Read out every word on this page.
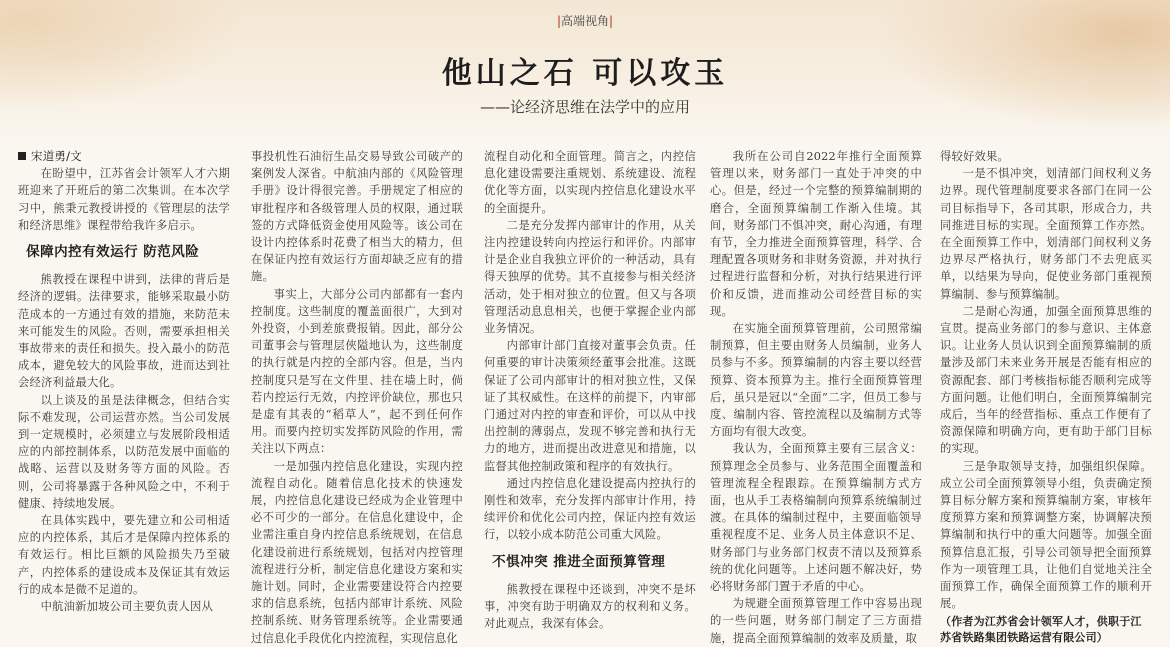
|高端视角|
他山之石 可以攻玉
——论经济思维在法学中的应用

宋道勇/文

在盼望中，江苏省会计领军人才六期班迎来了开班后的第二次集训。在本次学习中，熊秉元教授讲授的《管理层的法学和经济思维》课程带给我许多启示。

保障内控有效运行 防范风险

熊教授在课程中讲到，法律的背后是经济的逻辑。法律要求，能够采取最小防范成本的一方通过有效的措施，来防范未来可能发生的风险。否则，需要承担相关事故带来的责任和损失。投入最小的防范成本，避免较大的风险事故，进而达到社会经济利益最大化。

以上谈及的虽是法律概念，但结合实际不难发现，公司运营亦然。当公司发展到一定规模时，必须建立与发展阶段相适应的内部控制体系，以防范发展中面临的战略、运营以及财务等方面的风险。否则，公司将暴露于各种风险之中，不利于健康、持续地发展。

在具体实践中，要先建立和公司相适应的内控体系，其后才是保障内控体系的有效运行。相比巨额的风险损失乃至破产，内控体系的建设成本及保证其有效运行的成本是微不足道的。

中航油新加坡公司主要负责人因从

事投机性石油衍生品交易导致公司破产的案例发人深省。中航油内部的《风险管理手册》设计得很完善。手册规定了相应的审批程序和各级管理人员的权限，通过联签的方式降低资金使用风险等。该公司在设计内控体系时花费了相当大的精力，但在保证内控有效运行方面却缺乏应有的措施。

事实上，大部分公司内部都有一套内控制度。这些制度的覆盖面很广，大到对外投资，小到差旅费报销。因此，部分公司董事会与管理层俠隘地认为，这些制度的执行就是内控的全部内容。但是，当内控制度只是写在文件里、挂在墙上时，倘若内控运行无效，内控评价缺位，那也只是虚有其表的“稻草人”，起不到任何作用。而要内控切实发挥防风险的作用，需关注以下两点：

一是加强内控信息化建设，实现内控流程自动化。随着信息化技术的快速发展，内控信息化建设已经成为企业管理中必不可少的一部分。在信息化建设中，企业需注重自身内控信息系统规划，在信息化建设前进行系统规划，包括对内控管理流程进行分析，制定信息化建设方案和实施计划。同时，企业需要建设符合内控要求的信息系统，包括内部审计系统、风险控制系统、财务管理系统等。企业需要通过信息化手段优化内控流程，实现信息化

流程自动化和全面管理。简言之，内控信息化建设需要注重规划、系统建设、流程优化等方面，以实现内控信息化建设水平的全面提升。

二是充分发挥内部审计的作用，从关注内控建设转向内控运行和评价。内部审计是企业自我独立评价的一种活动，具有得天独厚的优势。其不直接参与相关经济活动，处于相对独立的位置。但又与各项管理活动息息相关，也便于掌握企业内部业务情况。

内部审计部门直接对董事会负责。任何重要的审计决策须经董事会批准。这既保证了公司内部审计的相对独立性，又保证了其权威性。在这样的前提下，内审部门通过对内控的审查和评价，可以从中找出控制的薄弱点，发现不够完善和执行无力的地方，进而提出改进意见和措施，以监督其他控制政策和程序的有效执行。

通过内控信息化建设提高内控执行的刚性和效率，充分发挥内部审计作用，持续评价和优化公司内控，保证内控有效运行，以较小成本防范公司重大风险。

不惧冲突 推进全面预算管理

熊教授在课程中还谈到，冲突不是坏事，冲突有助于明确双方的权利和义务。对此观点，我深有体会。

我所在公司自2022年推行全面预算管理以来，财务部门一直处于冲突的中心。但是，经过一个完整的预算编制期的磨合，全面预算编制工作渐入佳境。其间，财务部门不惧冲突，耐心沟通，有理有节，全力推进全面预算管理，科学、合理配置各项财务和非财务资源，并对执行过程进行监督和分析，对执行结果进行评价和反馈，进而推动公司经营目标的实现。

在实施全面预算管理前，公司照常编制预算，但主要由财务人员编制，业务人员参与不多。预算编制的内容主要以经营预算、资本预算为主。推行全面预算管理后，虽只是冠以“全面”二字，但员工参与度、编制内容、管控流程以及编制方式等方面均有很大改变。

我认为，全面预算主要有三层含义：预算理念全员参与、业务范围全面覆盖和管理流程全程跟踪。在预算编制方式方面，也从手工表格编制向预算系统编制过渡。在具体的编制过程中，主要面临领导重视程度不足、业务人员主体意识不足、财务部门与业务部门权责不清以及预算系统的优化问题等。上述问题不解决好，势必将财务部门置于矛盾的中心。

为规避全面预算管理工作中容易出现的一些问题，财务部门制定了三方面措施，提高全面预算编制的效率及质量，取

得较好效果。

一是不惧冲突，划清部门间权利义务边界。现代管理制度要求各部门在同一公司目标指导下，各司其职，形成合力，共同推进目标的实现。全面预算工作亦然。在全面预算工作中，划清部门间权利义务边界尽严格执行，财务部门不去兜底买单，以结果为导向，促使业务部门重视预算编制、参与预算编制。

二是耐心沟通，加强全面预算思维的宣贯。提高业务部门的参与意识、主体意识。让业务人员认识到全面预算编制的质量涉及部门未来业务开展是否能有相应的资源配套、部门考核指标能否顺利完成等方面问题。让他们明白，全面预算编制完成后，当年的经营指标、重点工作便有了资源保障和明确方向，更有助于部门目标的实现。

三是争取领导支持，加强组织保障。成立公司全面预算领导小组，负责确定预算目标分解方案和预算编制方案，审核年度预算方案和预算调整方案，协调解决预算编制和执行中的重大问题等。加强全面预算信息汇报，引导公司领导把全面预算作为一项管理工具，让他们自觉地关注全面预算工作，确保全面预算工作的顺利开展。

（作者为江苏省会计领军人才，供职于江苏省铁路集团铁路运营有限公司）
